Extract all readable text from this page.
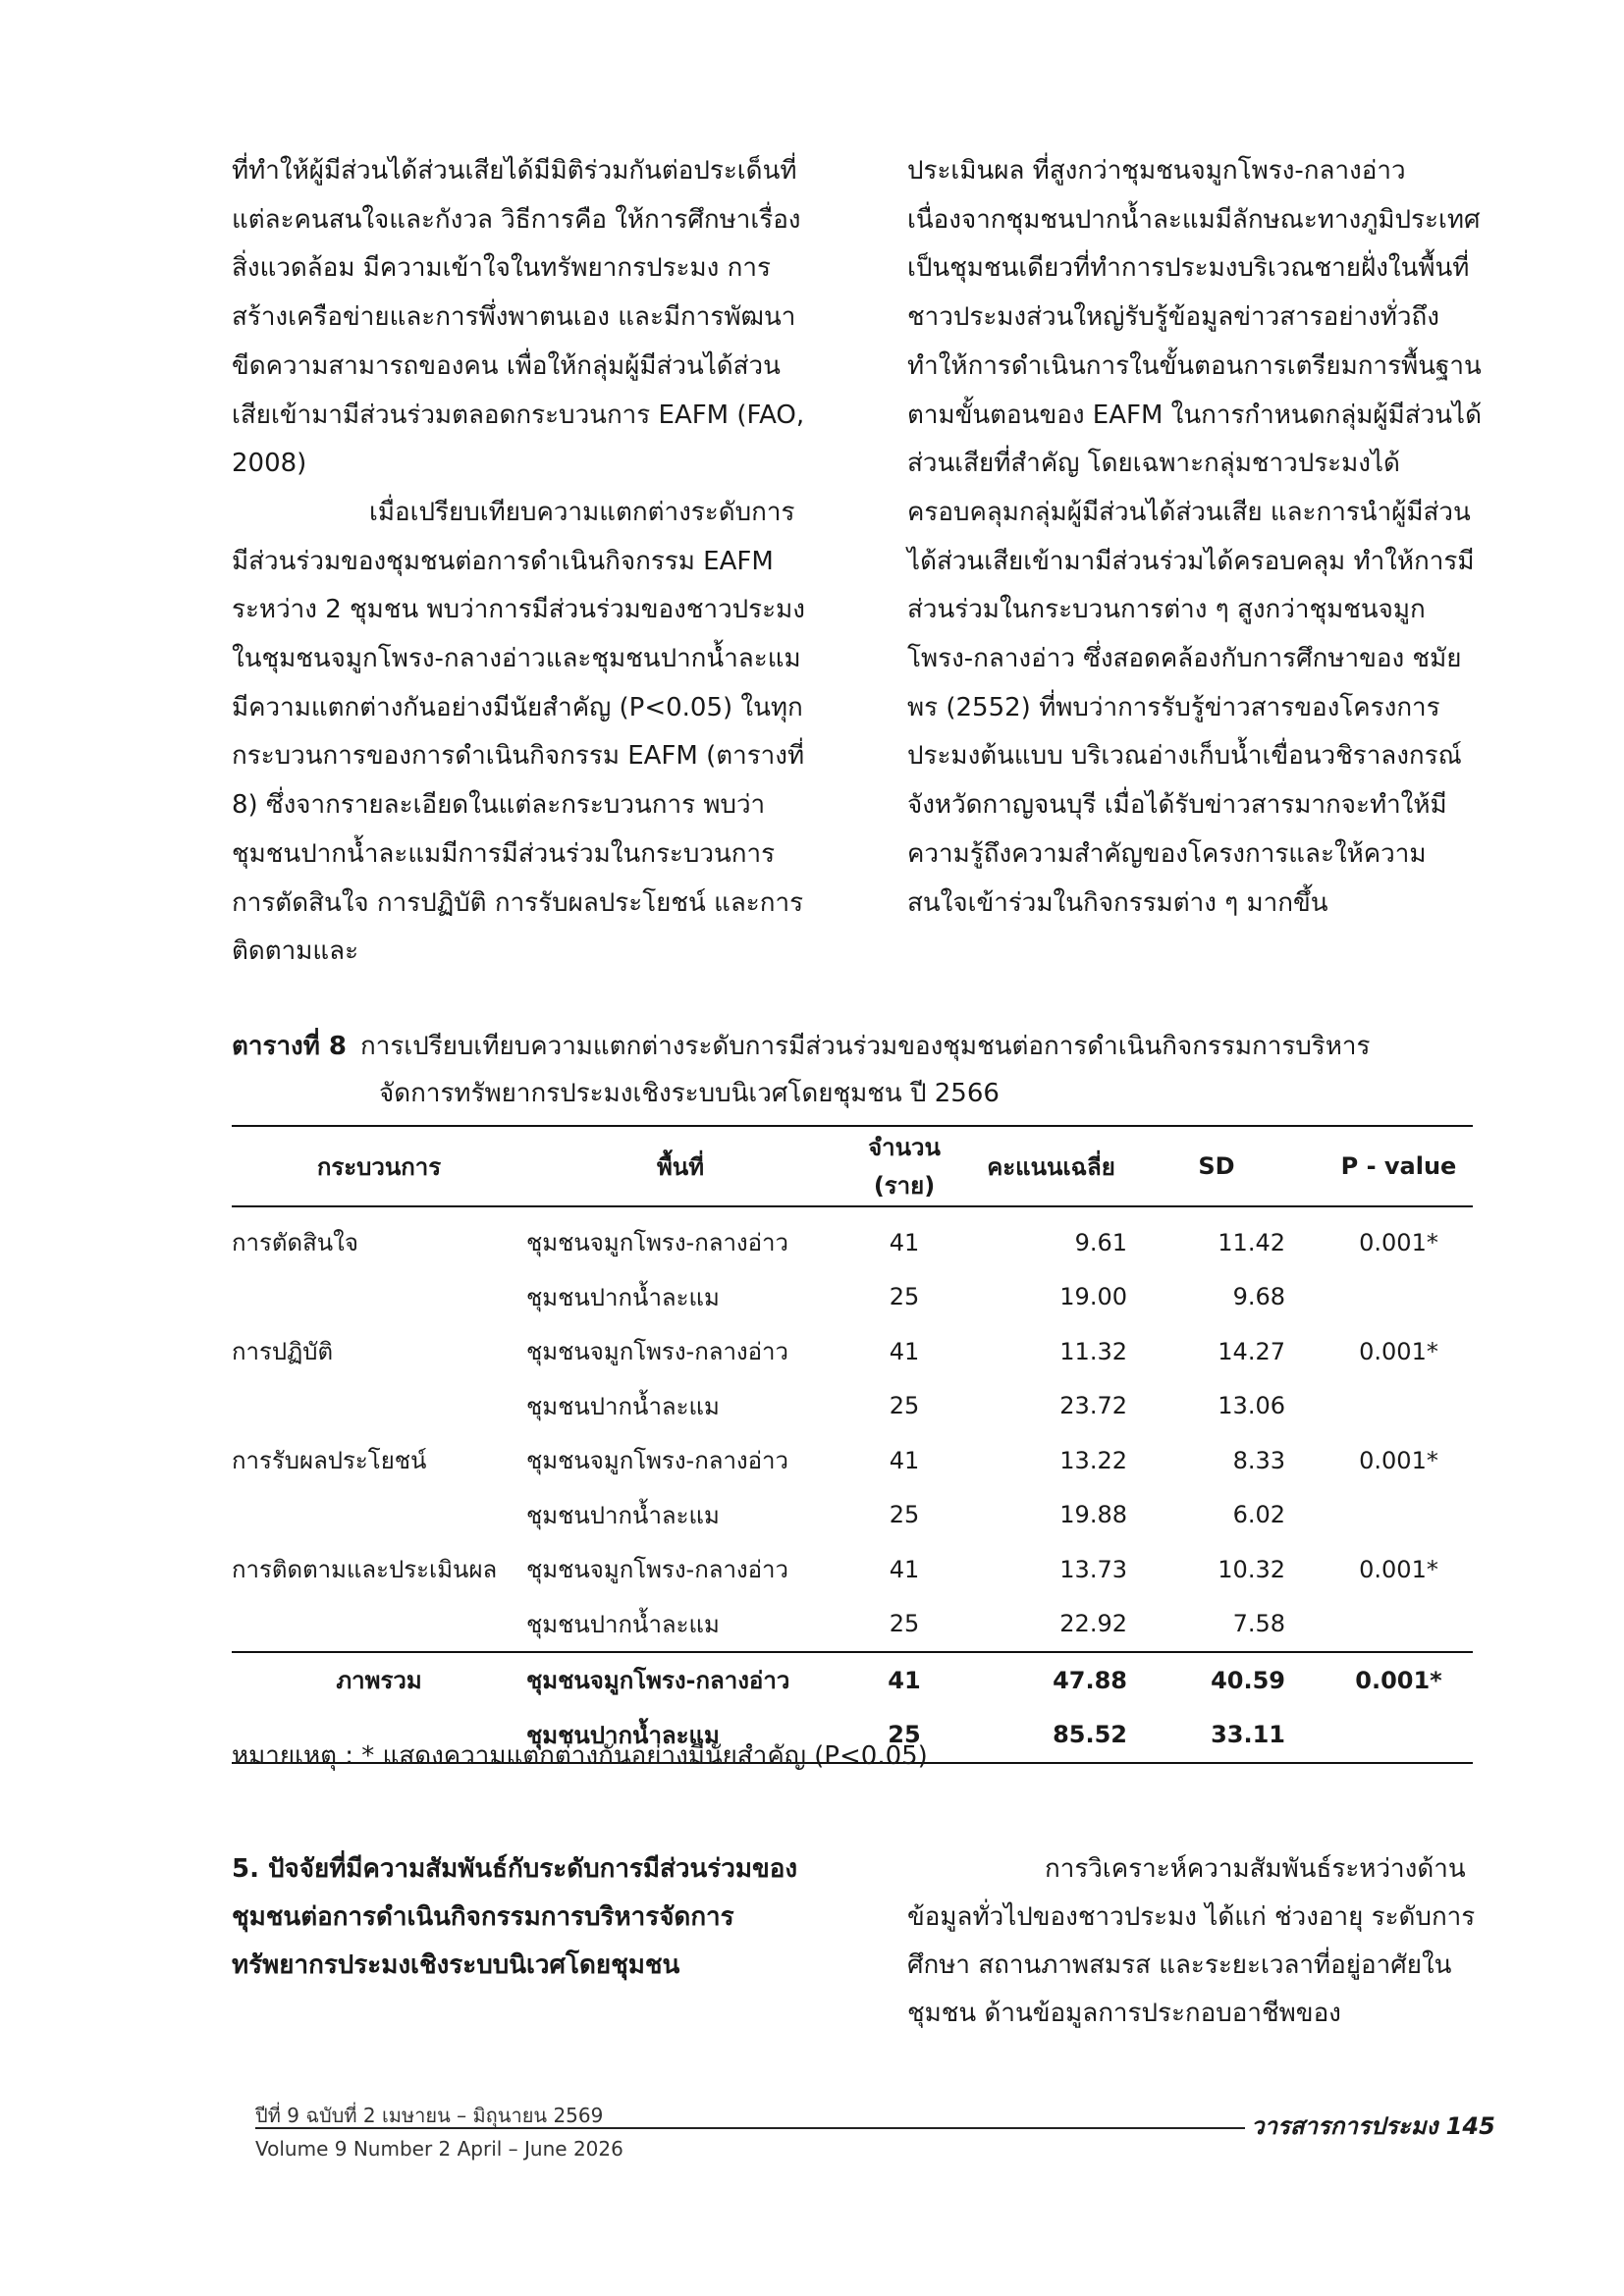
ที่ทำให้ผู้มีส่วนได้ส่วนเสียได้มีมิติร่วมกันต่อประเด็นที่แต่ละคนสนใจและกังวล วิธีการคือ ให้การศึกษาเรื่องสิ่งแวดล้อม มีความเข้าใจในทรัพยากรประมง การสร้างเครือข่ายและการพึ่งพาตนเอง และมีการพัฒนาขีดความสามารถของคน เพื่อให้กลุ่มผู้มีส่วนได้ส่วนเสียเข้ามามีส่วนร่วมตลอดกระบวนการ EAFM (FAO, 2008)

เมื่อเปรียบเทียบความแตกต่างระดับการมีส่วนร่วมของชุมชนต่อการดำเนินกิจกรรม EAFM ระหว่าง 2 ชุมชน พบว่าการมีส่วนร่วมของชาวประมงในชุมชนจมูกโพรง-กลางอ่าวและชุมชนปากน้ำละแมมีความแตกต่างกันอย่างมีนัยสำคัญ (P<0.05) ในทุกกระบวนการของการดำเนินกิจกรรม EAFM (ตารางที่ 8) ซึ่งจากรายละเอียดในแต่ละกระบวนการ พบว่าชุมชนปากน้ำละแมมีการมีส่วนร่วมในกระบวนการการตัดสินใจ การปฏิบัติ การรับผลประโยชน์ และการติดตามและ

ประเมินผล ที่สูงกว่าชุมชนจมูกโพรง-กลางอ่าว เนื่องจากชุมชนปากน้ำละแมมีลักษณะทางภูมิประเทศเป็นชุมชนเดียวที่ทำการประมงบริเวณชายฝั่งในพื้นที่ ชาวประมงส่วนใหญ่รับรู้ข้อมูลข่าวสารอย่างทั่วถึง ทำให้การดำเนินการในขั้นตอนการเตรียมการพื้นฐานตามขั้นตอนของ EAFM ในการกำหนดกลุ่มผู้มีส่วนได้ส่วนเสียที่สำคัญ โดยเฉพาะกลุ่มชาวประมงได้ครอบคลุมกลุ่มผู้มีส่วนได้ส่วนเสีย และการนำผู้มีส่วนได้ส่วนเสียเข้ามามีส่วนร่วมได้ครอบคลุม ทำให้การมีส่วนร่วมในกระบวนการต่าง ๆ สูงกว่าชุมชนจมูกโพรง-กลางอ่าว ซึ่งสอดคล้องกับการศึกษาของ ชมัยพร (2552) ที่พบว่าการรับรู้ข่าวสารของโครงการประมงต้นแบบ บริเวณอ่างเก็บน้ำเขื่อนวชิราลงกรณ์ จังหวัดกาญจนบุรี เมื่อได้รับข่าวสารมากจะทำให้มีความรู้ถึงความสำคัญของโครงการและให้ความสนใจเข้าร่วมในกิจกรรมต่าง ๆ มากขึ้น

ตารางที่ 8 การเปรียบเทียบความแตกต่างระดับการมีส่วนร่วมของชุมชนต่อการดำเนินกิจกรรมการบริหาร
จัดการทรัพยากรประมงเชิงระบบนิเวศโดยชุมชน ปี 2566
กระบวนการ	พื้นที่	จำนวน (ราย)	คะแนนเฉลี่ย	SD	P - value
การตัดสินใจ	ชุมชนจมูกโพรง-กลางอ่าว	41	9.61	11.42	0.001*
	ชุมชนปากน้ำละแม	25	19.00	9.68	
การปฏิบัติ	ชุมชนจมูกโพรง-กลางอ่าว	41	11.32	14.27	0.001*
	ชุมชนปากน้ำละแม	25	23.72	13.06	
การรับผลประโยชน์	ชุมชนจมูกโพรง-กลางอ่าว	41	13.22	8.33	0.001*
	ชุมชนปากน้ำละแม	25	19.88	6.02	
การติดตามและประเมินผล	ชุมชนจมูกโพรง-กลางอ่าว	41	13.73	10.32	0.001*
	ชุมชนปากน้ำละแม	25	22.92	7.58	
ภาพรวม	ชุมชนจมูกโพรง-กลางอ่าว	41	47.88	40.59	0.001*
	ชุมชนปากน้ำละแม	25	85.52	33.11	
หมายเหตุ : * แสดงความแตกต่างกันอย่างมีนัยสำคัญ (P<0.05)

5. ปัจจัยที่มีความสัมพันธ์กับระดับการมีส่วนร่วมของชุมชนต่อการดำเนินกิจกรรมการบริหารจัดการทรัพยากรประมงเชิงระบบนิเวศโดยชุมชน

การวิเคราะห์ความสัมพันธ์ระหว่างด้านข้อมูลทั่วไปของชาวประมง ได้แก่ ช่วงอายุ ระดับการศึกษา สถานภาพสมรส และระยะเวลาที่อยู่อาศัยในชุมชน ด้านข้อมูลการประกอบอาชีพของ

ปีที่ 9 ฉบับที่ 2 เมษายน – มิถุนายน 2569
Volume 9 Number 2 April – June 2026
วารสารการประมง 145
